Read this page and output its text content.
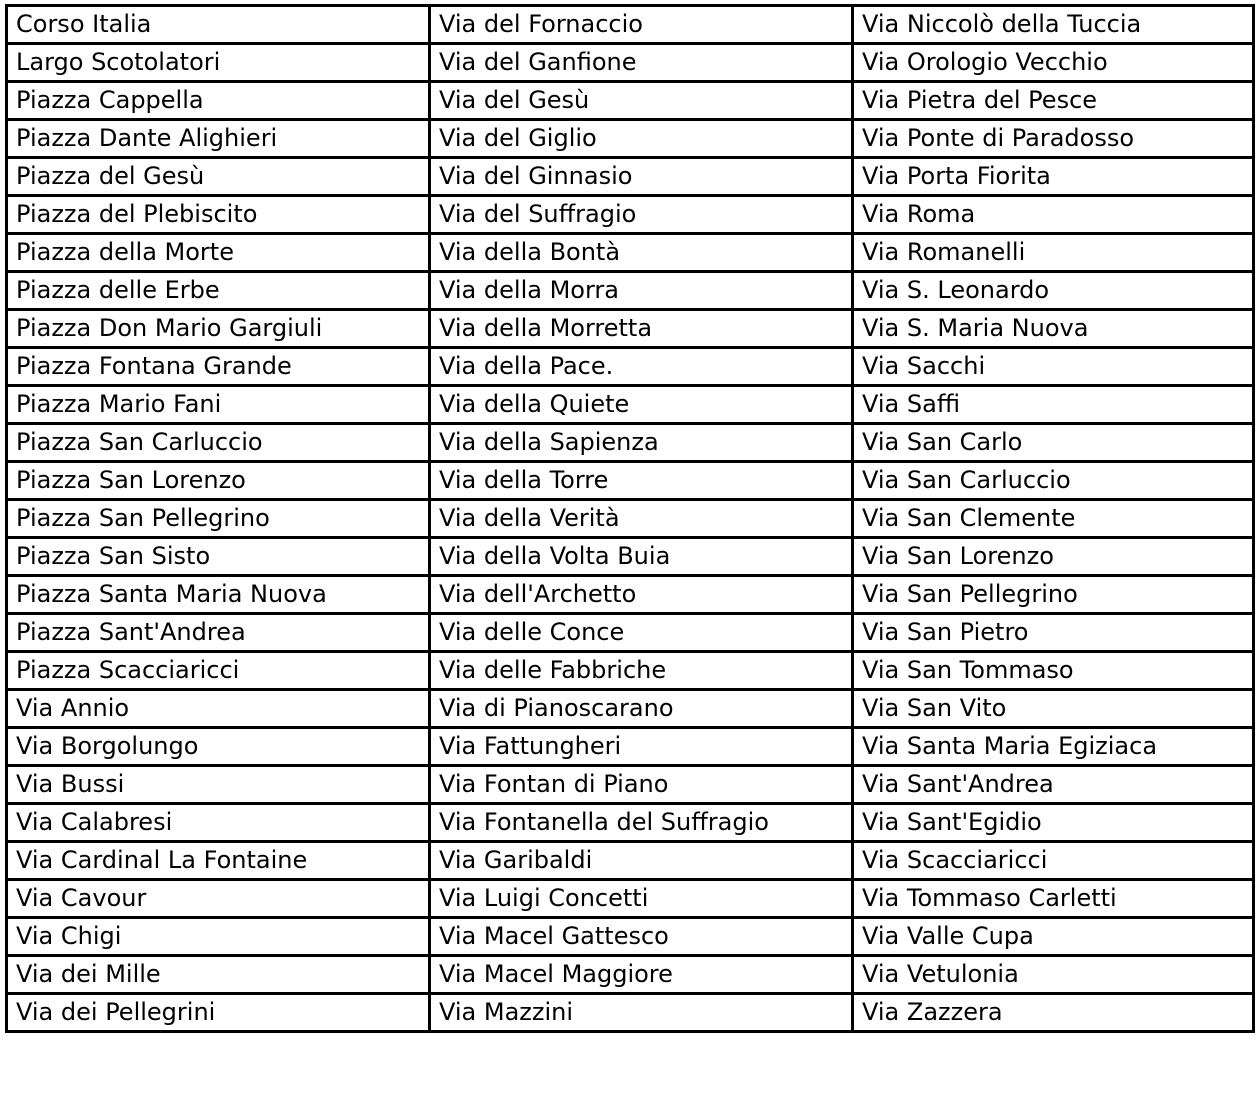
Corso Italia	Via del Fornaccio	Via Niccolò della Tuccia
Largo Scotolatori	Via del Ganfione	Via Orologio Vecchio
Piazza Cappella	Via del Gesù	Via Pietra del Pesce
Piazza Dante Alighieri	Via del Giglio	Via Ponte di Paradosso
Piazza del Gesù	Via del Ginnasio	Via Porta Fiorita
Piazza del Plebiscito	Via del Suffragio	Via Roma
Piazza della Morte	Via della Bontà	Via Romanelli
Piazza delle Erbe	Via della Morra	Via S. Leonardo
Piazza Don Mario Gargiuli	Via della Morretta	Via S. Maria Nuova
Piazza Fontana Grande	Via della Pace.	Via Sacchi
Piazza Mario Fani	Via della Quiete	Via Saffi
Piazza San Carluccio	Via della Sapienza	Via San Carlo
Piazza San Lorenzo	Via della Torre	Via San Carluccio
Piazza San Pellegrino	Via della Verità	Via San Clemente
Piazza San Sisto	Via della Volta Buia	Via San Lorenzo
Piazza Santa Maria Nuova	Via dell'Archetto	Via San Pellegrino
Piazza Sant'Andrea	Via delle Conce	Via San Pietro
Piazza Scacciaricci	Via delle Fabbriche	Via San Tommaso
Via Annio	Via di Pianoscarano	Via San Vito
Via Borgolungo	Via Fattungheri	Via Santa Maria Egiziaca
Via Bussi	Via Fontan di Piano	Via Sant'Andrea
Via Calabresi	Via Fontanella del Suffragio	Via Sant'Egidio
Via Cardinal La Fontaine	Via Garibaldi	Via Scacciaricci
Via Cavour	Via Luigi Concetti	Via Tommaso Carletti
Via Chigi	Via Macel Gattesco	Via Valle Cupa
Via dei Mille	Via Macel Maggiore	Via Vetulonia
Via dei Pellegrini	Via Mazzini	Via Zazzera
